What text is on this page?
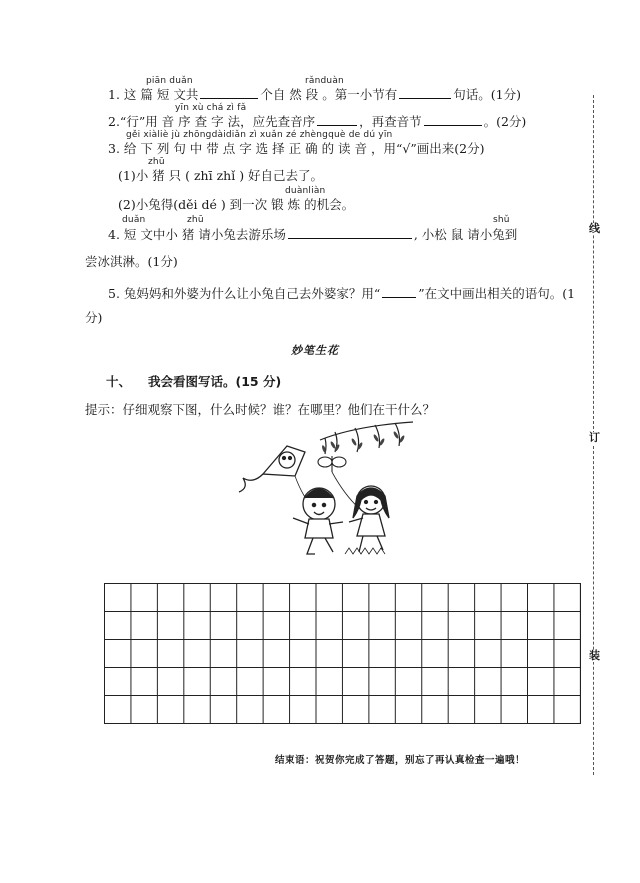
piān duǎn	rǎnduàn
1. 这 篇 短 文共	个自 然 段 。第一小节有	句话。(1分)
yīn xù chá zì fǎ
2.“行”用 音 序 查 字 法，应先查音序	，再查音节	。(2分)
gěi xiàliè jù zhōngdàidiǎn zì xuǎn zé zhèngquè de dú yīn
3. 给 下 列 句 中 带 点 字 选 择 正 确 的 读 音 ，用“√”画出来(2分)
zhū
(1)小 猪 只 ( zhī zhǐ ) 好自己去了。
duànliàn
(2)小兔得(děi dé ) 到一次 锻 炼 的机会。
duǎn	zhū	shǔ
4. 短 文中小 猪 请小兔去游乐场	, 小松 鼠 请小兔到
尝冰淇淋。(1分)
5. 兔妈妈和外婆为什么让小兔自己去外婆家？用“	”在文中画出相关的语句。(1
分)
妙笔生花
十、 我会看图写话。(15 分)
提示：仔细观察下图，什么时候？谁？在哪里？他们在干什么？
结束语：祝贺你完成了答题，别忘了再认真检查一遍哦！
线
订
装
